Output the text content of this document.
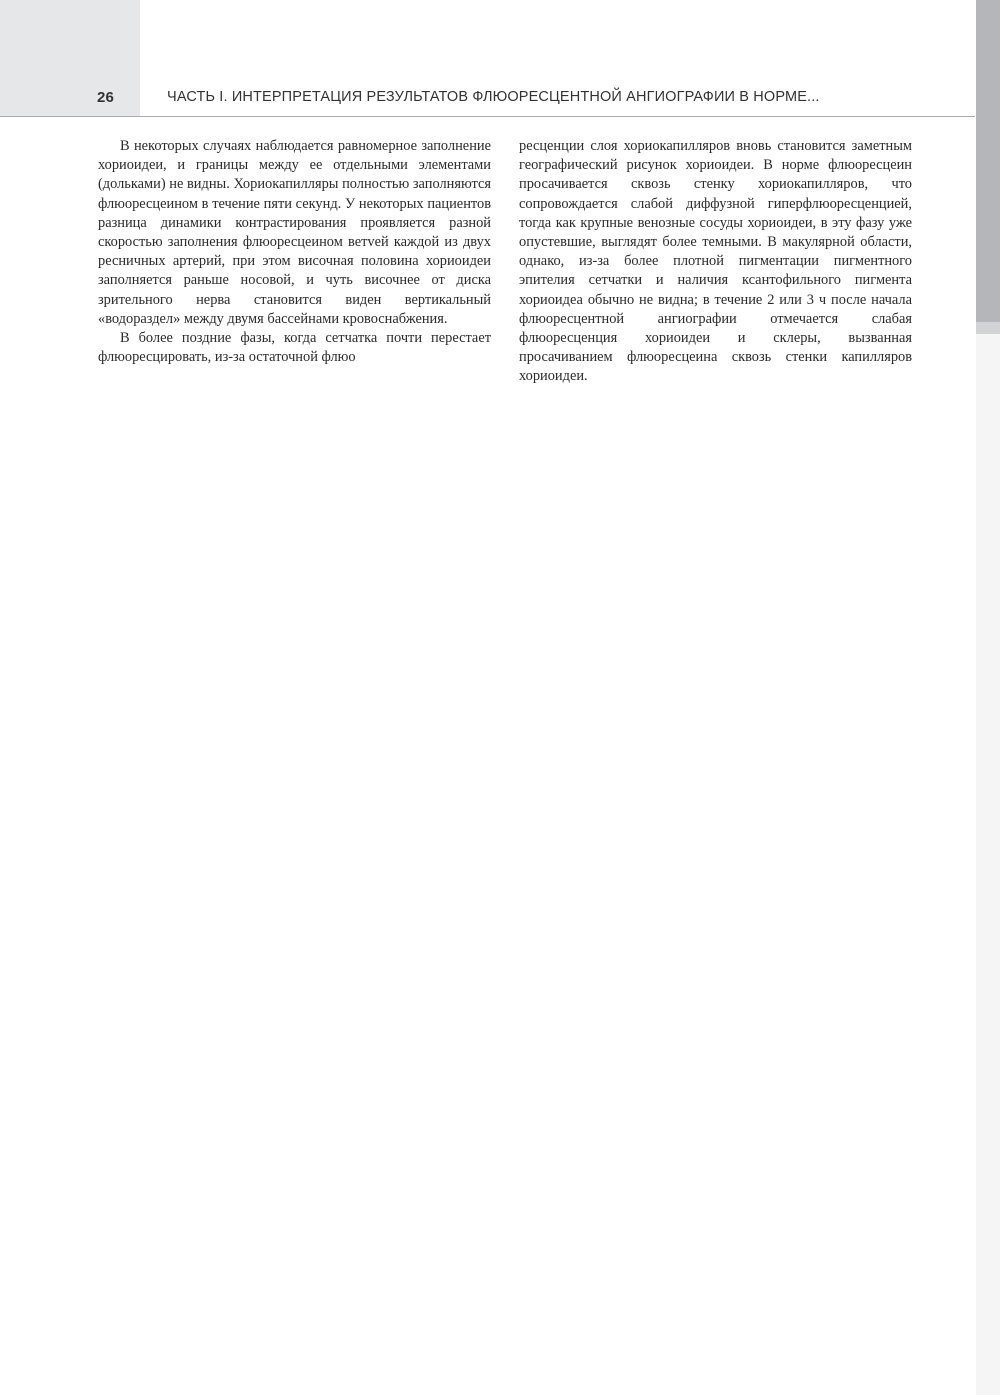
26	ЧАСТЬ I. ИНТЕРПРЕТАЦИЯ РЕЗУЛЬТАТОВ ФЛЮОРЕСЦЕНТНОЙ АНГИОГРАФИИ В НОРМЕ...

В некоторых случаях наблюдается равномерное заполнение хориоидеи, и границы между ее отдельными элементами (дольками) не видны. Хориокапилляры полностью заполняются флюоресцеином в течение пяти секунд. У некоторых пациентов разница динамики контрастирования проявляется разной скоростью заполнения флюоресцеином ветvей каждой из двух ресничных артерий, при этом височная половина хориоидеи заполняется раньше носовой, и чуть височнее от диска зрительного нерва становится виден вертикальный «водораздел» между двумя бассейнами кровоснабжения.

В более поздние фазы, когда сетчатка почти перестает флюоресцировать, из-за остаточной флюо

ресценции слоя хориокапилляров вновь становится заметным географический рисунок хориоидеи. В норме флюоресцеин просачивается сквозь стенку хориокапилляров, что сопровождается слабой диффузной гиперфлюоресценцией, тогда как крупные венозные сосуды хориоидеи, в эту фазу уже опустевшие, выглядят более темными. В макулярной области, однако, из-за более плотной пигментации пигментного эпителия сетчатки и наличия ксантофильного пигмента хориоидеа обычно не видна; в течение 2 или 3 ч после начала флюоресцентной ангиографии отмечается слабая флюоресценция хориоидеи и склеры, вызванная просачиванием флюоресцеина сквозь стенки капилляров хориоидеи.
